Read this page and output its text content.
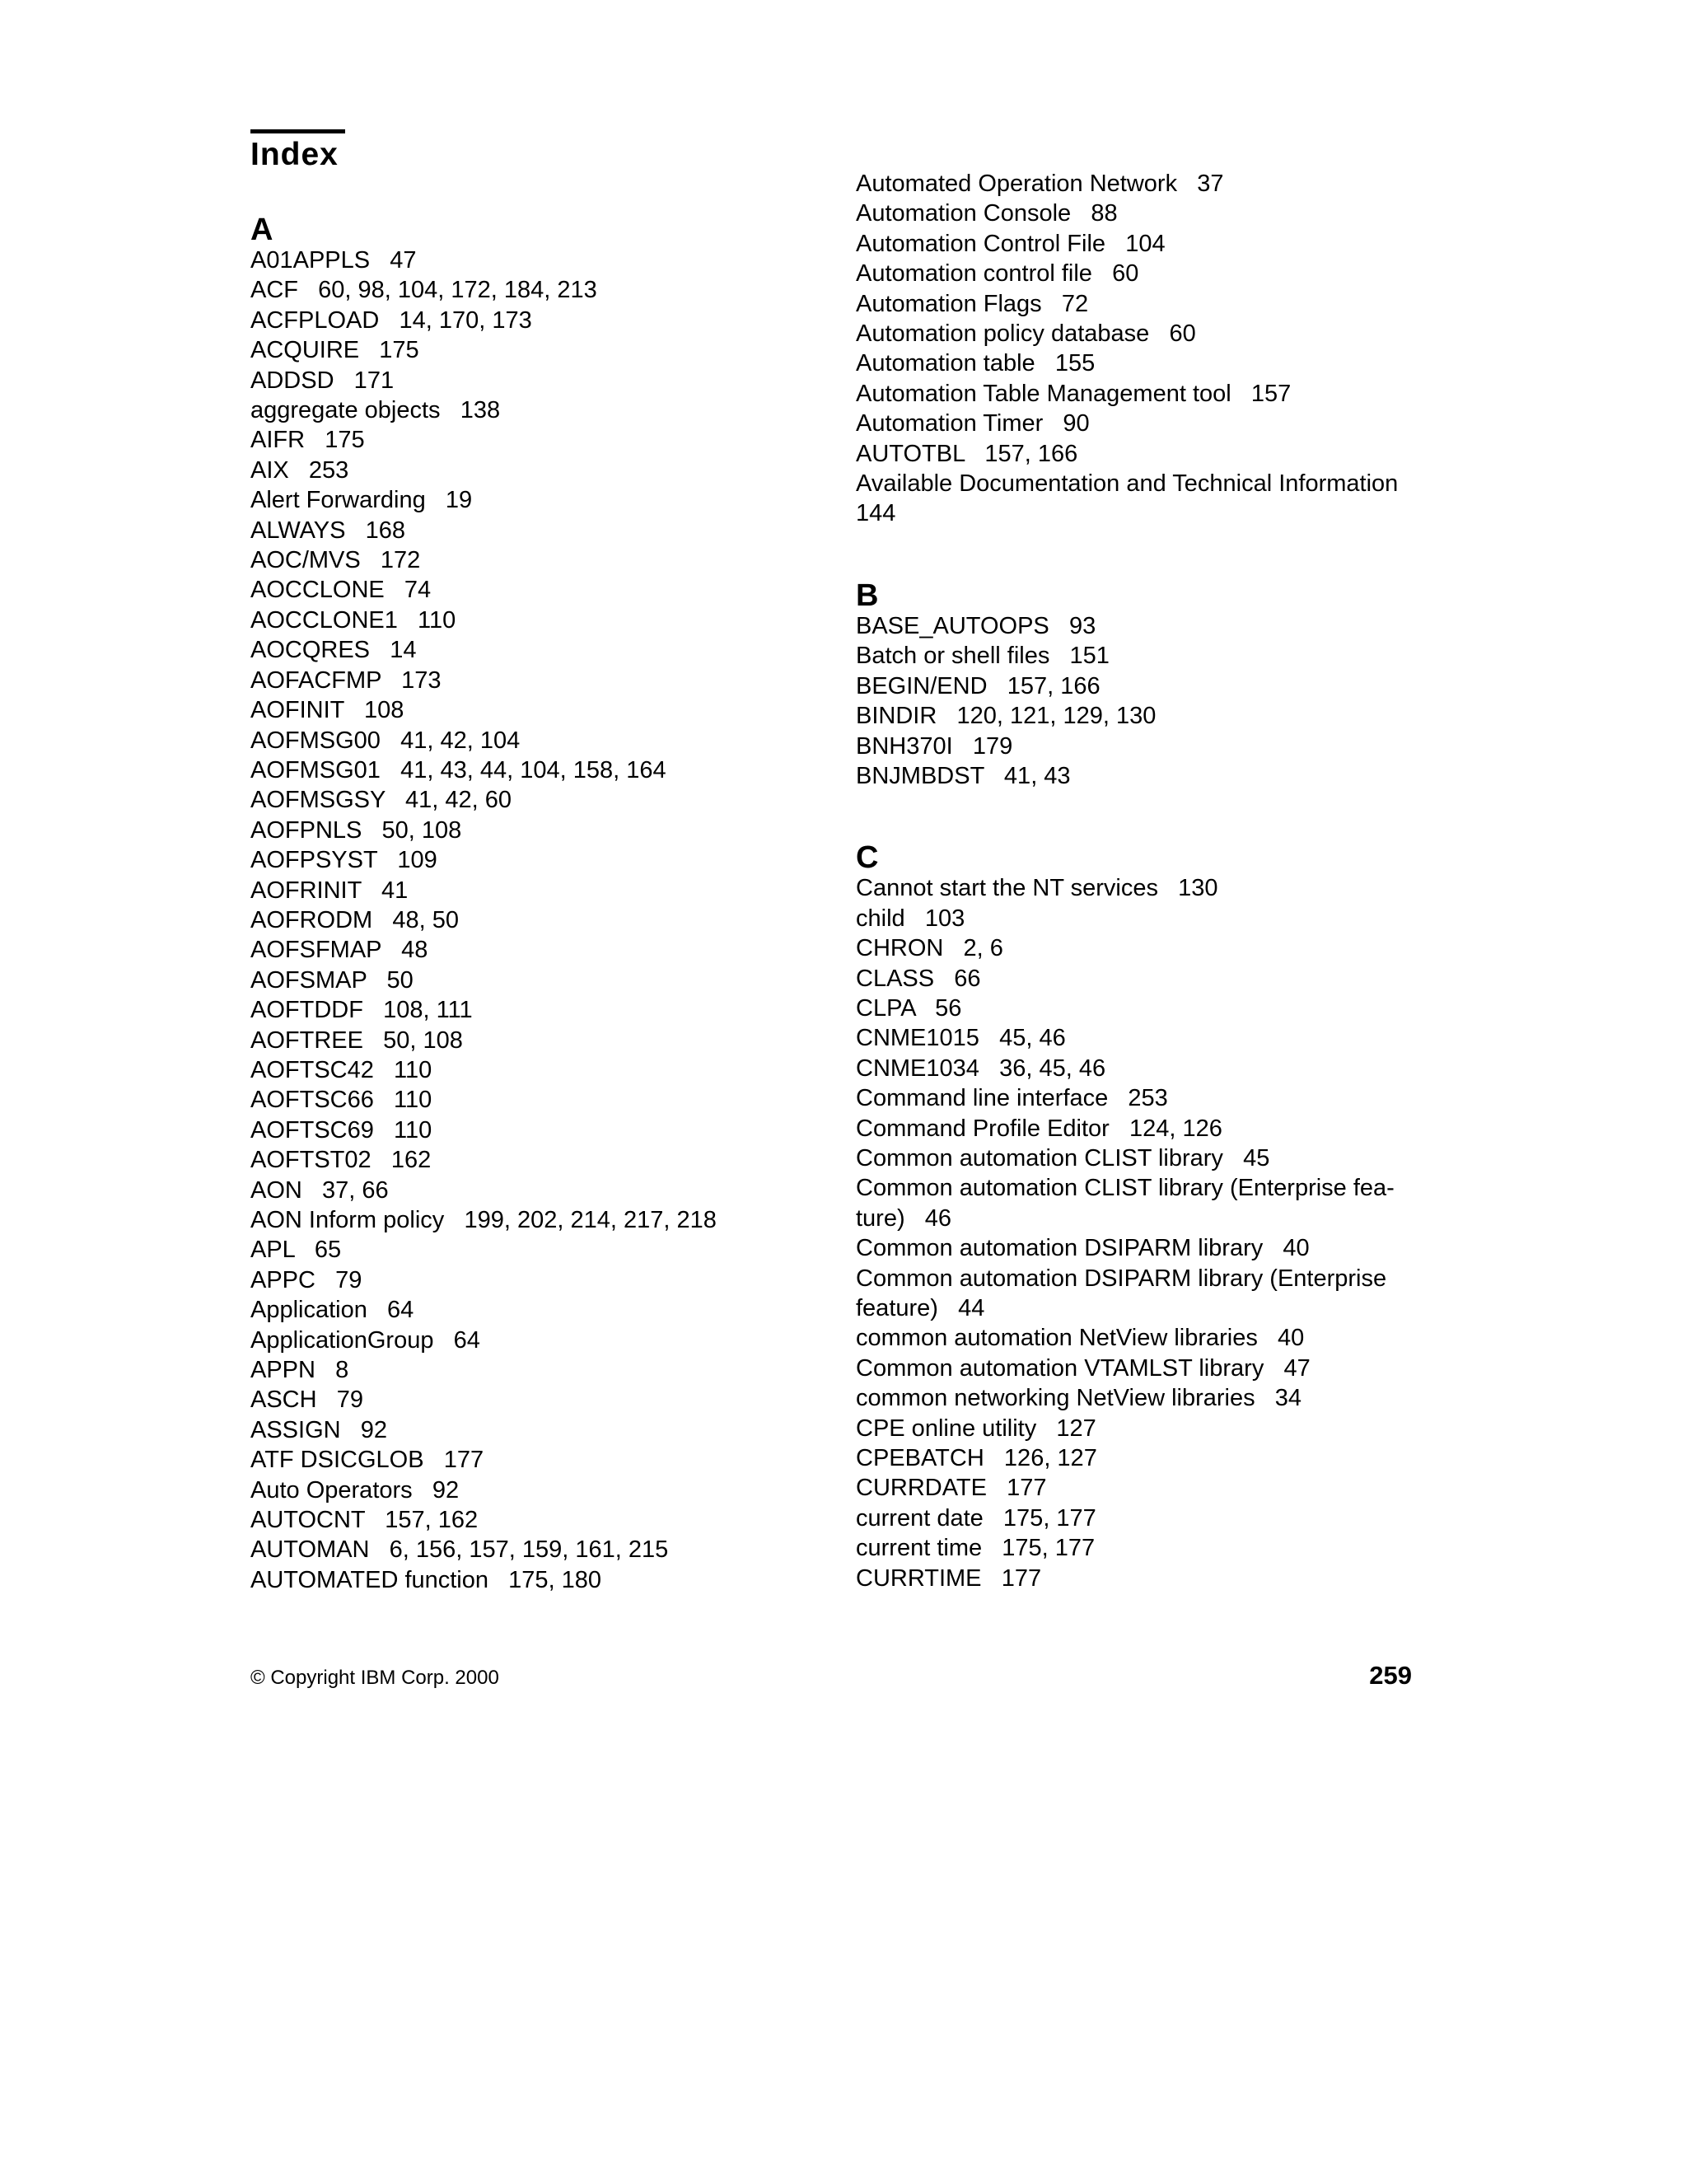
Index
A
A01APPLS   47
ACF   60, 98, 104, 172, 184, 213
ACFPLOAD   14, 170, 173
ACQUIRE   175
ADDSD   171
aggregate objects   138
AIFR   175
AIX   253
Alert Forwarding   19
ALWAYS   168
AOC/MVS   172
AOCCLONE   74
AOCCLONE1   110
AOCQRES   14
AOFACFMP   173
AOFINIT   108
AOFMSG00   41, 42, 104
AOFMSG01   41, 43, 44, 104, 158, 164
AOFMSGSY   41, 42, 60
AOFPNLS   50, 108
AOFPSYST   109
AOFRINIT   41
AOFRODM   48, 50
AOFSFMAP   48
AOFSMAP   50
AOFTDDF   108, 111
AOFTREE   50, 108
AOFTSC42   110
AOFTSC66   110
AOFTSC69   110
AOFTST02   162
AON   37, 66
AON Inform policy   199, 202, 214, 217, 218
APL   65
APPC   79
Application   64
ApplicationGroup   64
APPN   8
ASCH   79
ASSIGN   92
ATF DSICGLOB   177
Auto Operators   92
AUTOCNT   157, 162
AUTOMAN   6, 156, 157, 159, 161, 215
AUTOMATED function   175, 180
Automated Operation Network   37
Automation Console   88
Automation Control File   104
Automation control file   60
Automation Flags   72
Automation policy database   60
Automation table   155
Automation Table Management tool   157
Automation Timer   90
AUTOTBL   157, 166
Available Documentation and Technical Information
144
B
BASE_AUTOOPS   93
Batch or shell files   151
BEGIN/END   157, 166
BINDIR   120, 121, 129, 130
BNH370I   179
BNJMBDST   41, 43
C
Cannot start the NT services   130
child   103
CHRON   2, 6
CLASS   66
CLPA   56
CNME1015   45, 46
CNME1034   36, 45, 46
Command line interface   253
Command Profile Editor   124, 126
Common automation CLIST library   45
Common automation CLIST library (Enterprise fea-
ture)   46
Common automation DSIPARM library   40
Common automation DSIPARM library (Enterprise
feature)   44
common automation NetView libraries   40
Common automation VTAMLST library   47
common networking NetView libraries   34
CPE online utility   127
CPEBATCH   126, 127
CURRDATE   177
current date   175, 177
current time   175, 177
CURRTIME   177
© Copyright IBM Corp. 2000	259
